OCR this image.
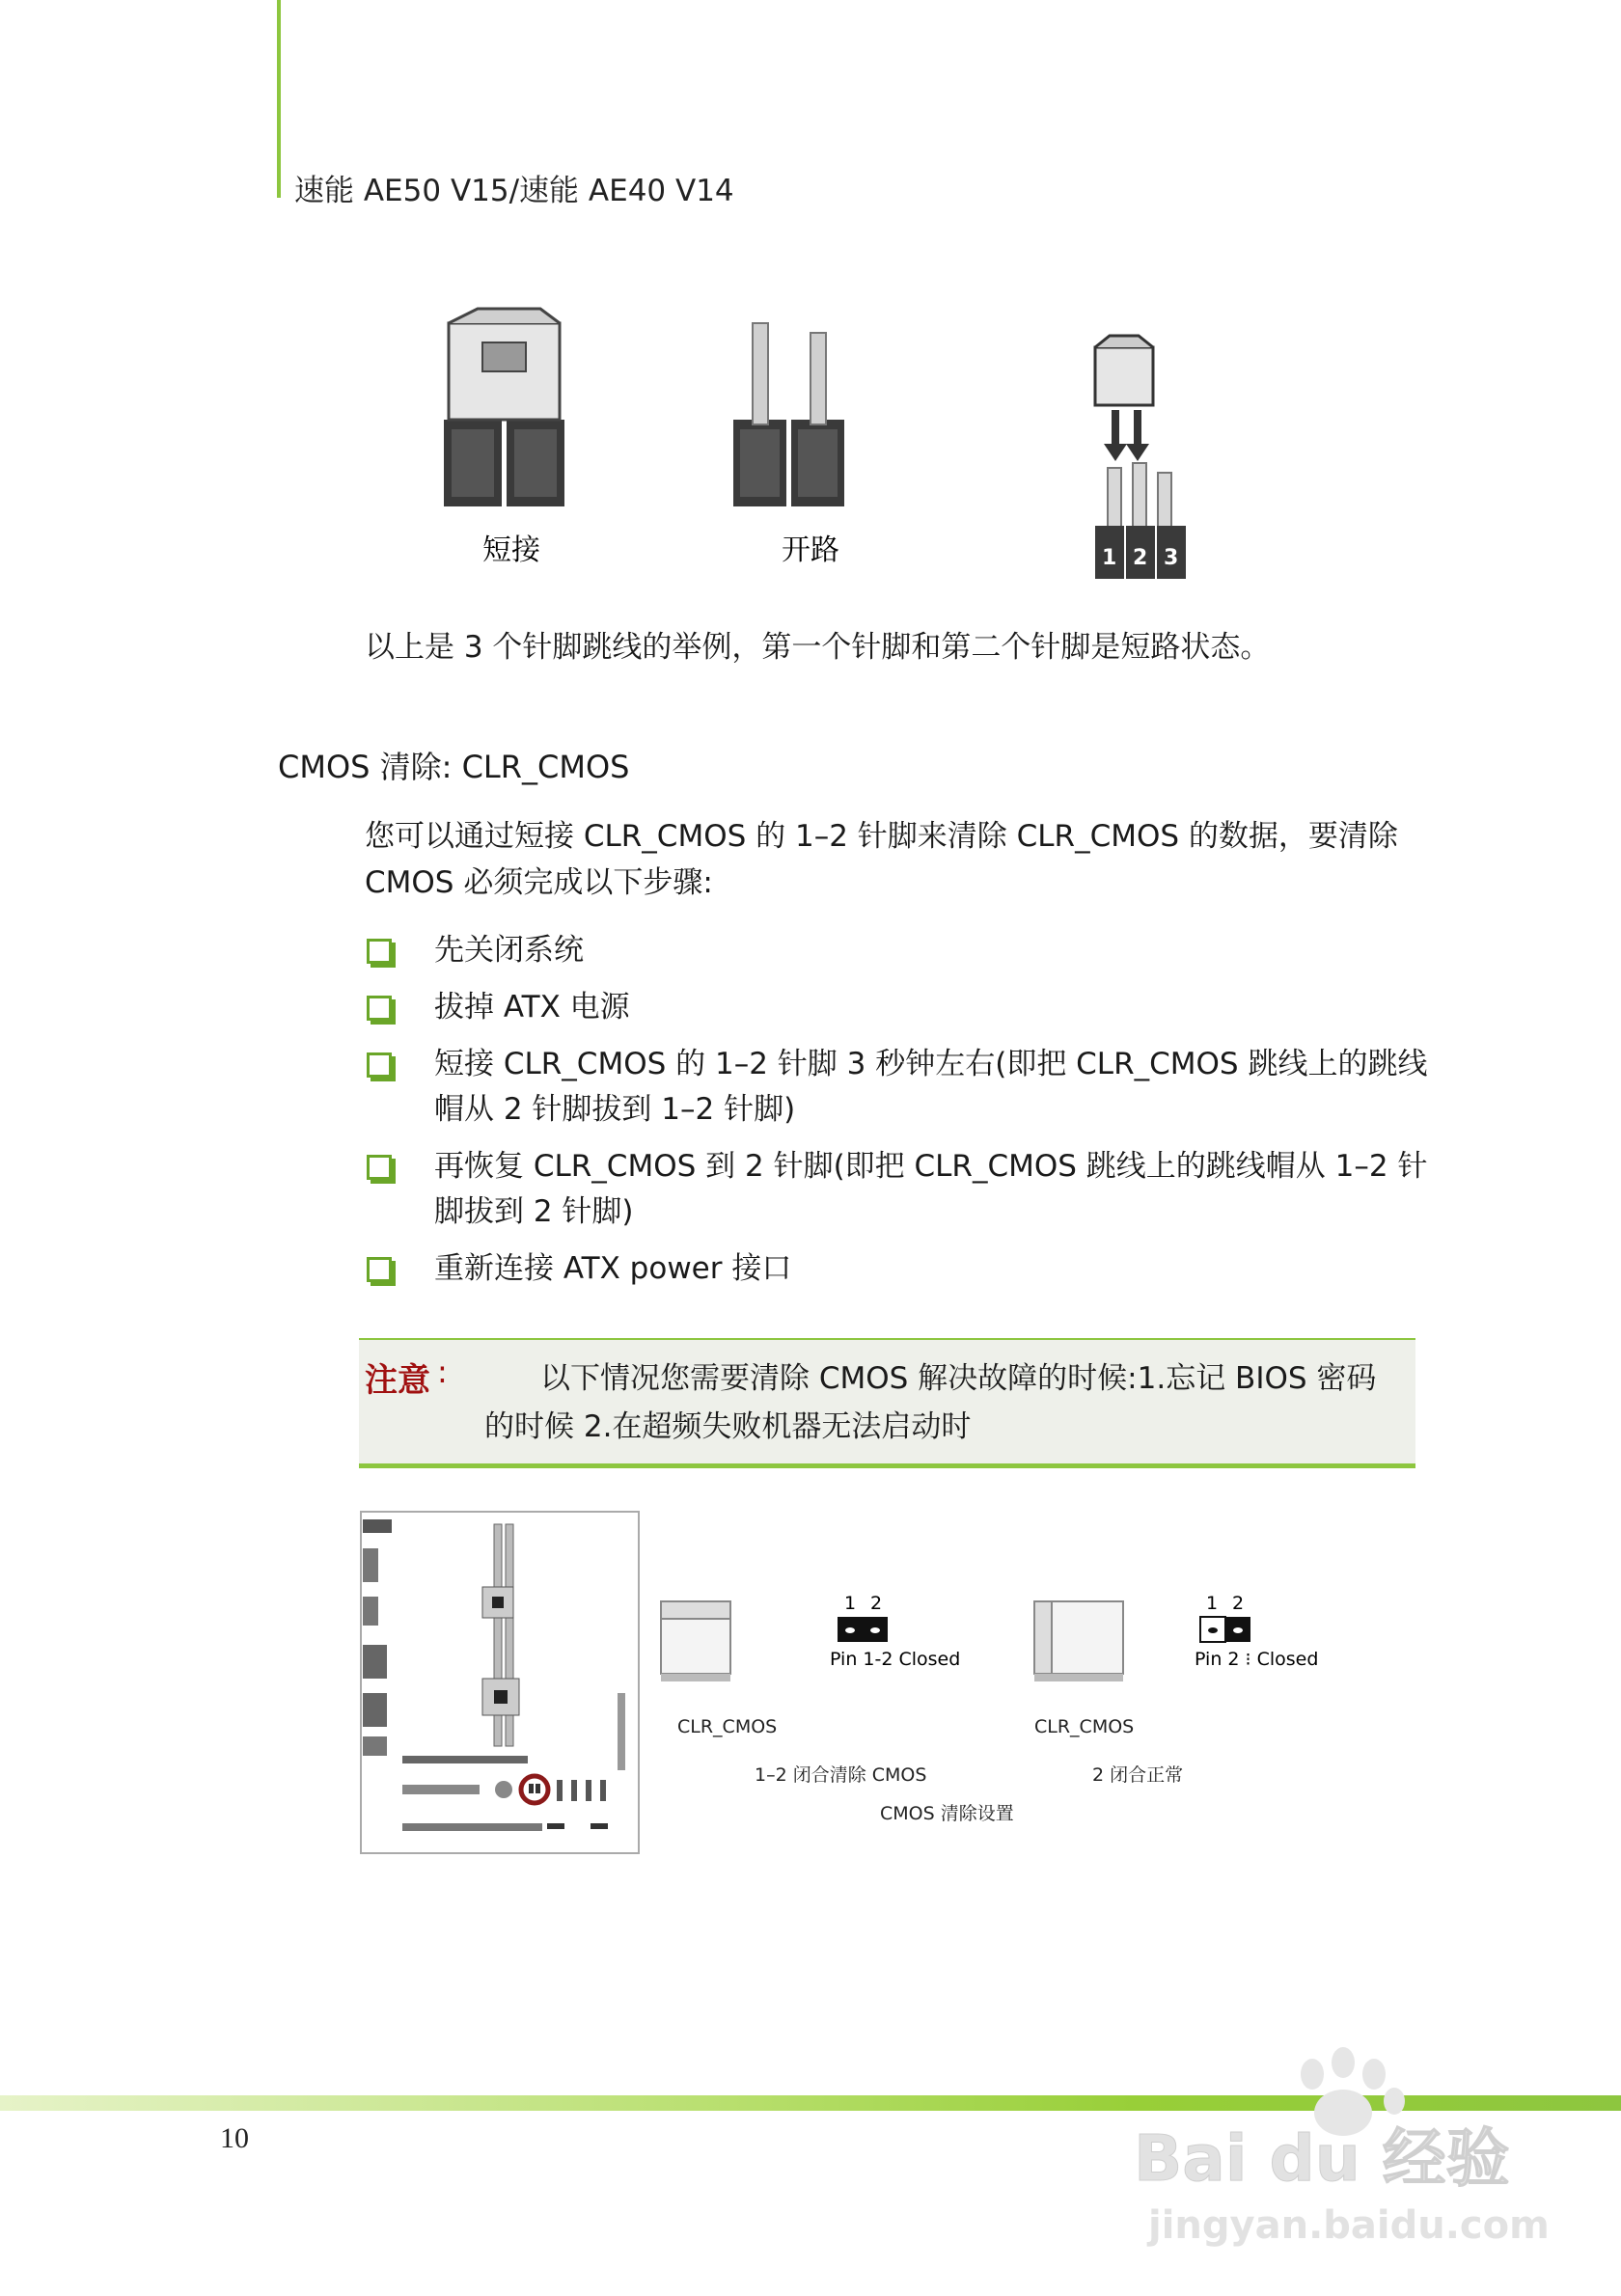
速能 AE50 V15/速能 AE40 V14
短接	开路	1 2 3
以上是 3 个针脚跳线的举例，第一个针脚和第二个针脚是短路状态。
CMOS 清除: CLR_CMOS
您可以通过短接 CLR_CMOS 的 1–2 针脚来清除 CLR_CMOS 的数据，要清除 CMOS 必须完成以下步骤:
先关闭系统
拔掉 ATX 电源
短接 CLR_CMOS 的 1–2 针脚 3 秒钟左右(即把 CLR_CMOS 跳线上的跳线帽从 2 针脚拔到 1–2 针脚)
再恢复 CLR_CMOS 到 2 针脚(即把 CLR_CMOS 跳线上的跳线帽从 1–2 针脚拔到 2 针脚)
重新连接 ATX power 接口
注意 :	以下情况您需要清除 CMOS 解决故障的时候:1.忘记 BIOS 密码
的时候 2.在超频失败机器无法启动时
1 2
Pin 1-2 Closed
1 2
Pin 2 ⁝ Closed
CLR_CMOS	CLR_CMOS
1–2 闭合清除 CMOS	2 闭合正常
CMOS 清除设置
10	Bai du 经验
jingyan.baidu.com
